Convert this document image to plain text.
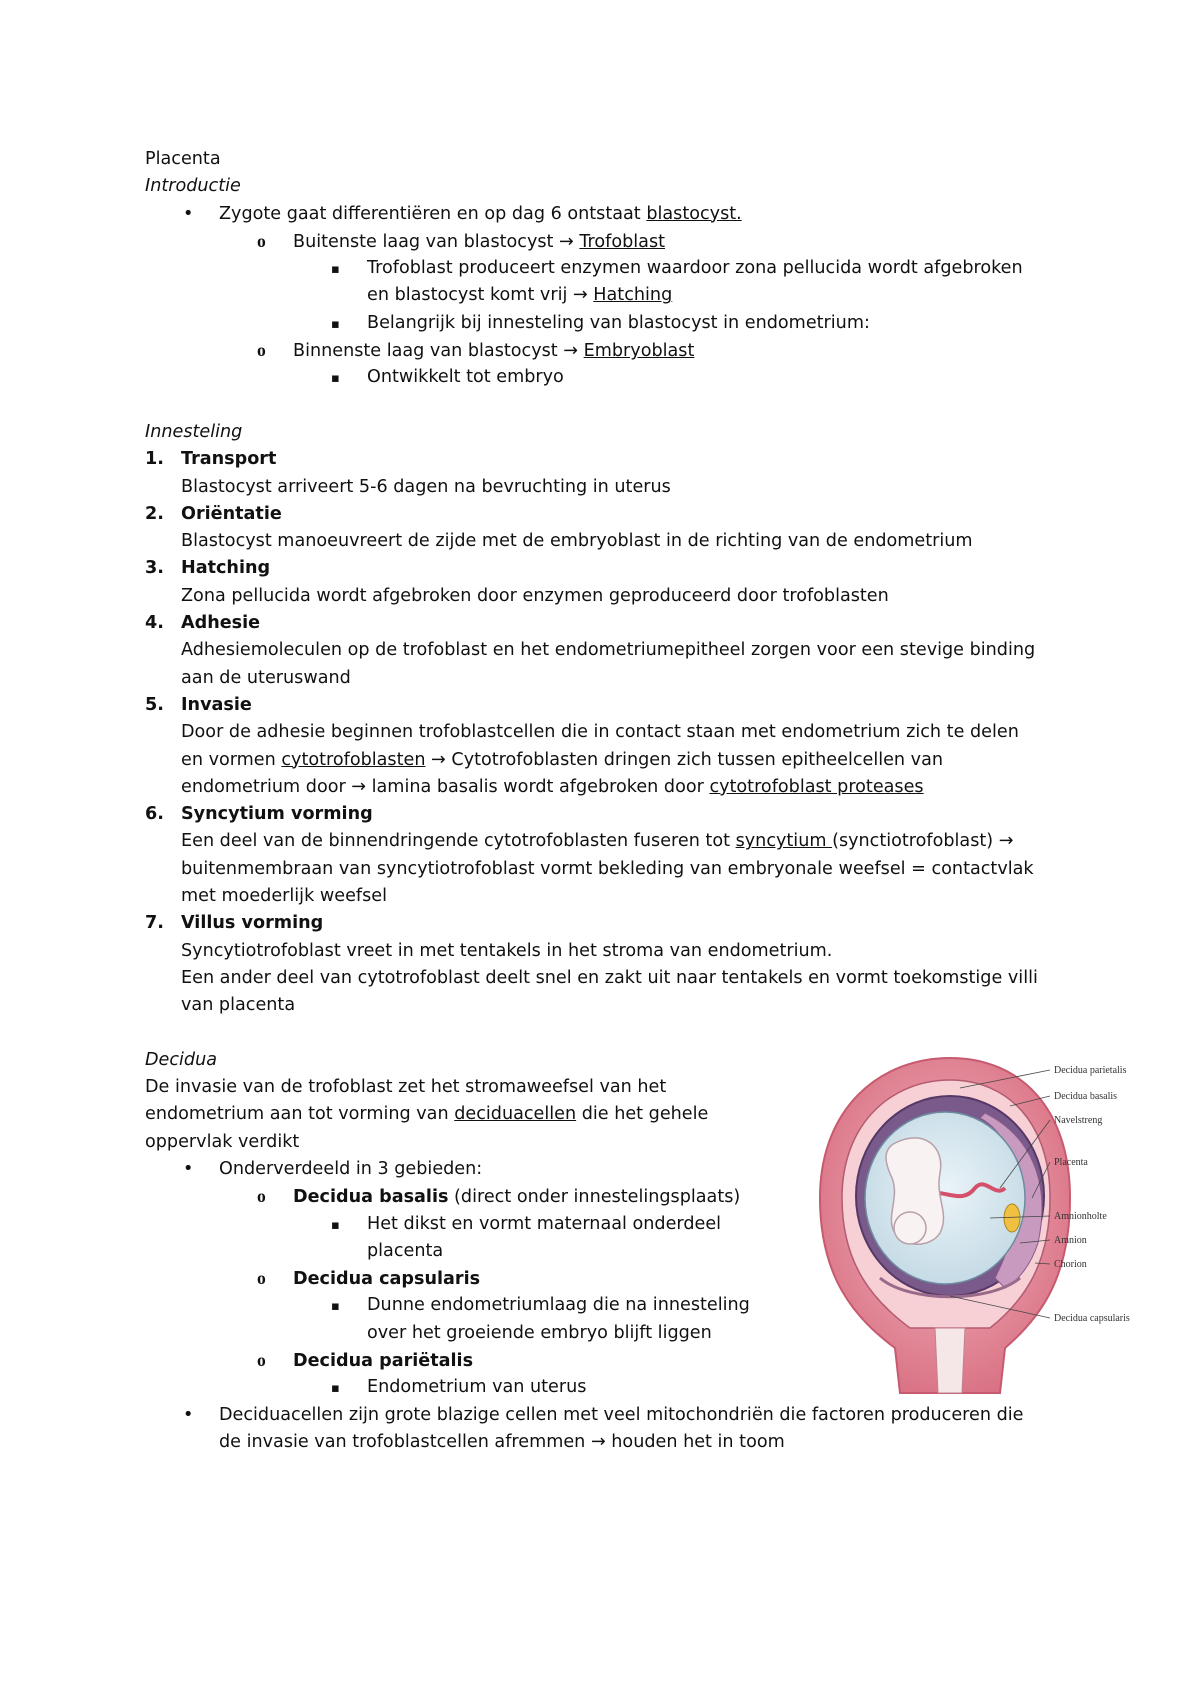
Placenta
Introductie
•Zygote gaat differentiëren en op dag 6 ontstaat blastocyst.
oBuitenste laag van blastocyst → Trofoblast
▪Trofoblast produceert enzymen waardoor zona pellucida wordt afgebroken
en blastocyst komt vrij → Hatching
▪Belangrijk bij innesteling van blastocyst in endometrium:
oBinnenste laag van blastocyst → Embryoblast
▪Ontwikkelt tot embryo
Innesteling
1. Transport
Blastocyst arriveert 5-6 dagen na bevruchting in uterus
2. Oriëntatie
Blastocyst manoeuvreert de zijde met de embryoblast in de richting van de endometrium
3. Hatching
Zona pellucida wordt afgebroken door enzymen geproduceerd door trofoblasten
4. Adhesie
Adhesiemoleculen op de trofoblast en het endometriumepitheel zorgen voor een stevige binding
aan de uteruswand
5. Invasie
Door de adhesie beginnen trofoblastcellen die in contact staan met endometrium zich te delen
en vormen cytotrofoblasten → Cytotrofoblasten dringen zich tussen epitheelcellen van
endometrium door → lamina basalis wordt afgebroken door cytotrofoblast proteases
6. Syncytium vorming
Een deel van de binnendringende cytotrofoblasten fuseren tot syncytium (synctiotrofoblast) →
buitenmembraan van syncytiotrofoblast vormt bekleding van embryonale weefsel = contactvlak
met moederlijk weefsel
7. Villus vorming
Syncytiotrofoblast vreet in met tentakels in het stroma van endometrium.
Een ander deel van cytotrofoblast deelt snel en zakt uit naar tentakels en vormt toekomstige villi
van placenta
Decidua
De invasie van de trofoblast zet het stromaweefsel van het
endometrium aan tot vorming van deciduacellen die het gehele
oppervlak verdikt
•Onderverdeeld in 3 gebieden:
oDecidua basalis (direct onder innestelingsplaats)
▪Het dikst en vormt maternaal onderdeel
placenta
oDecidua capsularis
▪Dunne endometriumlaag die na innesteling
over het groeiende embryo blijft liggen
oDecidua pariëtalis
▪Endometrium van uterus
•Deciduacellen zijn grote blazige cellen met veel mitochondriën die factoren produceren die
de invasie van trofoblastcellen afremmen → houden het in toom
Decidua parietalis
Decidua basalis
Navelstreng
Placenta
Amnionholte
Amnion
Chorion
Decidua capsularis
